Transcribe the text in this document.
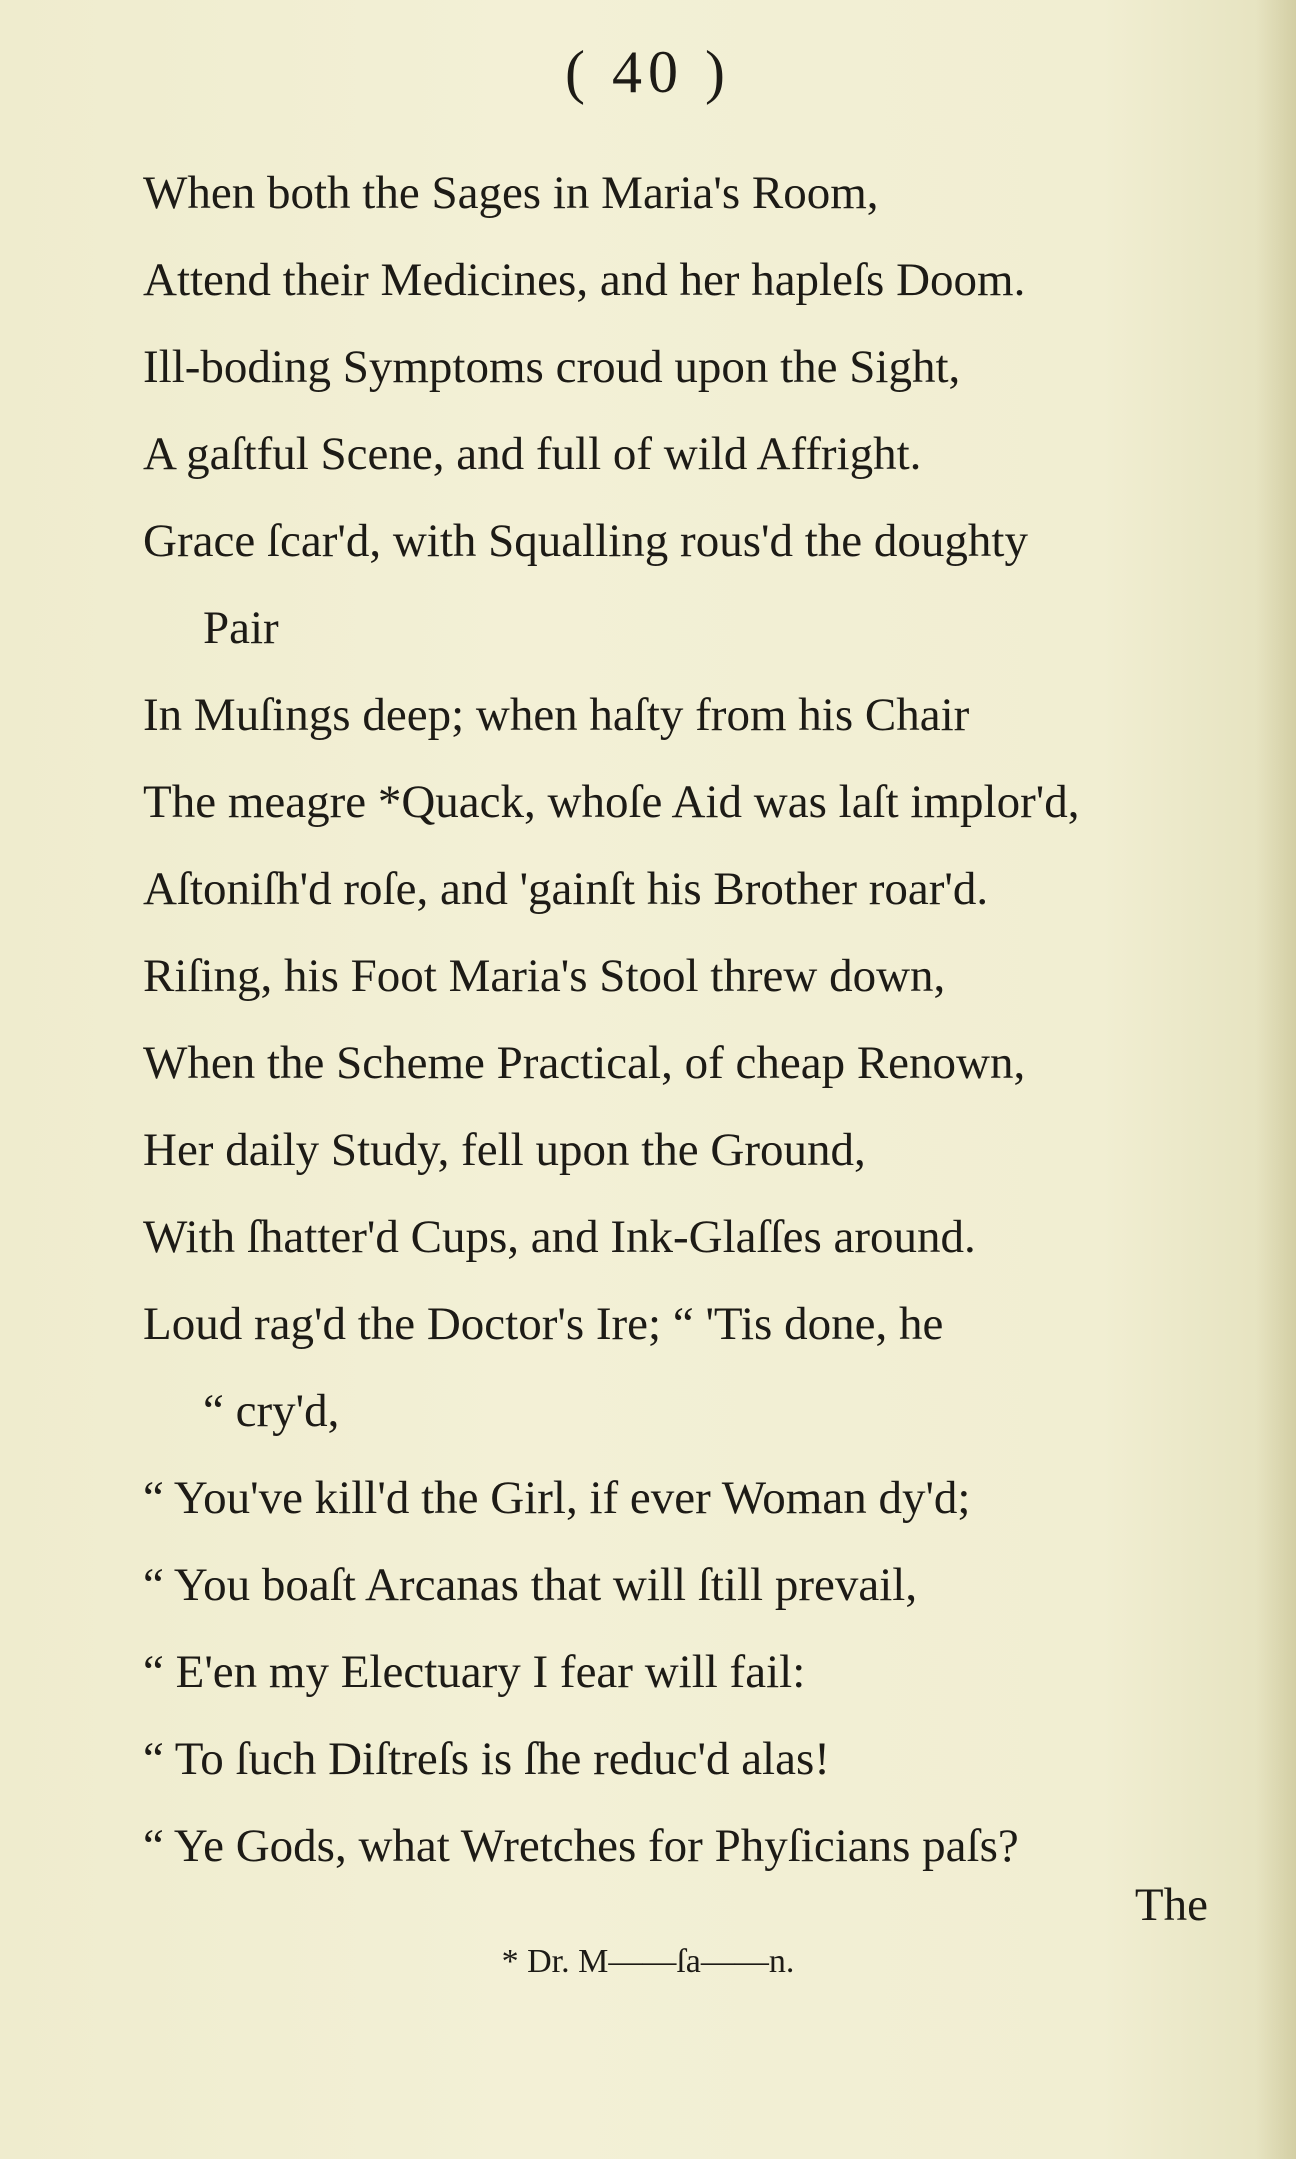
( 40 )
When both the Sages in Maria's Room,
Attend their Medicines, and her hapleſs Doom.
Ill-boding Symptoms croud upon the Sight,
A gaſtful Scene, and full of wild Affright.
Grace ſcar'd, with Squalling rous'd the doughty
Pair
In Muſings deep; when haſty from his Chair
The meagre *Quack, whoſe Aid was laſt implor'd,
Aſtoniſh'd roſe, and 'gainſt his Brother roar'd.
Riſing, his Foot Maria's Stool threw down,
When the Scheme Practical, of cheap Renown,
Her daily Study, fell upon the Ground,
With ſhatter'd Cups, and Ink-Glaſſes around.
Loud rag'd the Doctor's Ire; “ 'Tis done, he
“ cry'd,
“ You've kill'd the Girl, if ever Woman dy'd;
“ You boaſt Arcanas that will ſtill prevail,
“ E'en my Electuary I fear will fail:
“ To ſuch Diſtreſs is ſhe reduc'd alas!
“ Ye Gods, what Wretches for Phyſicians paſs?
The
* Dr. M——ſa——n.
